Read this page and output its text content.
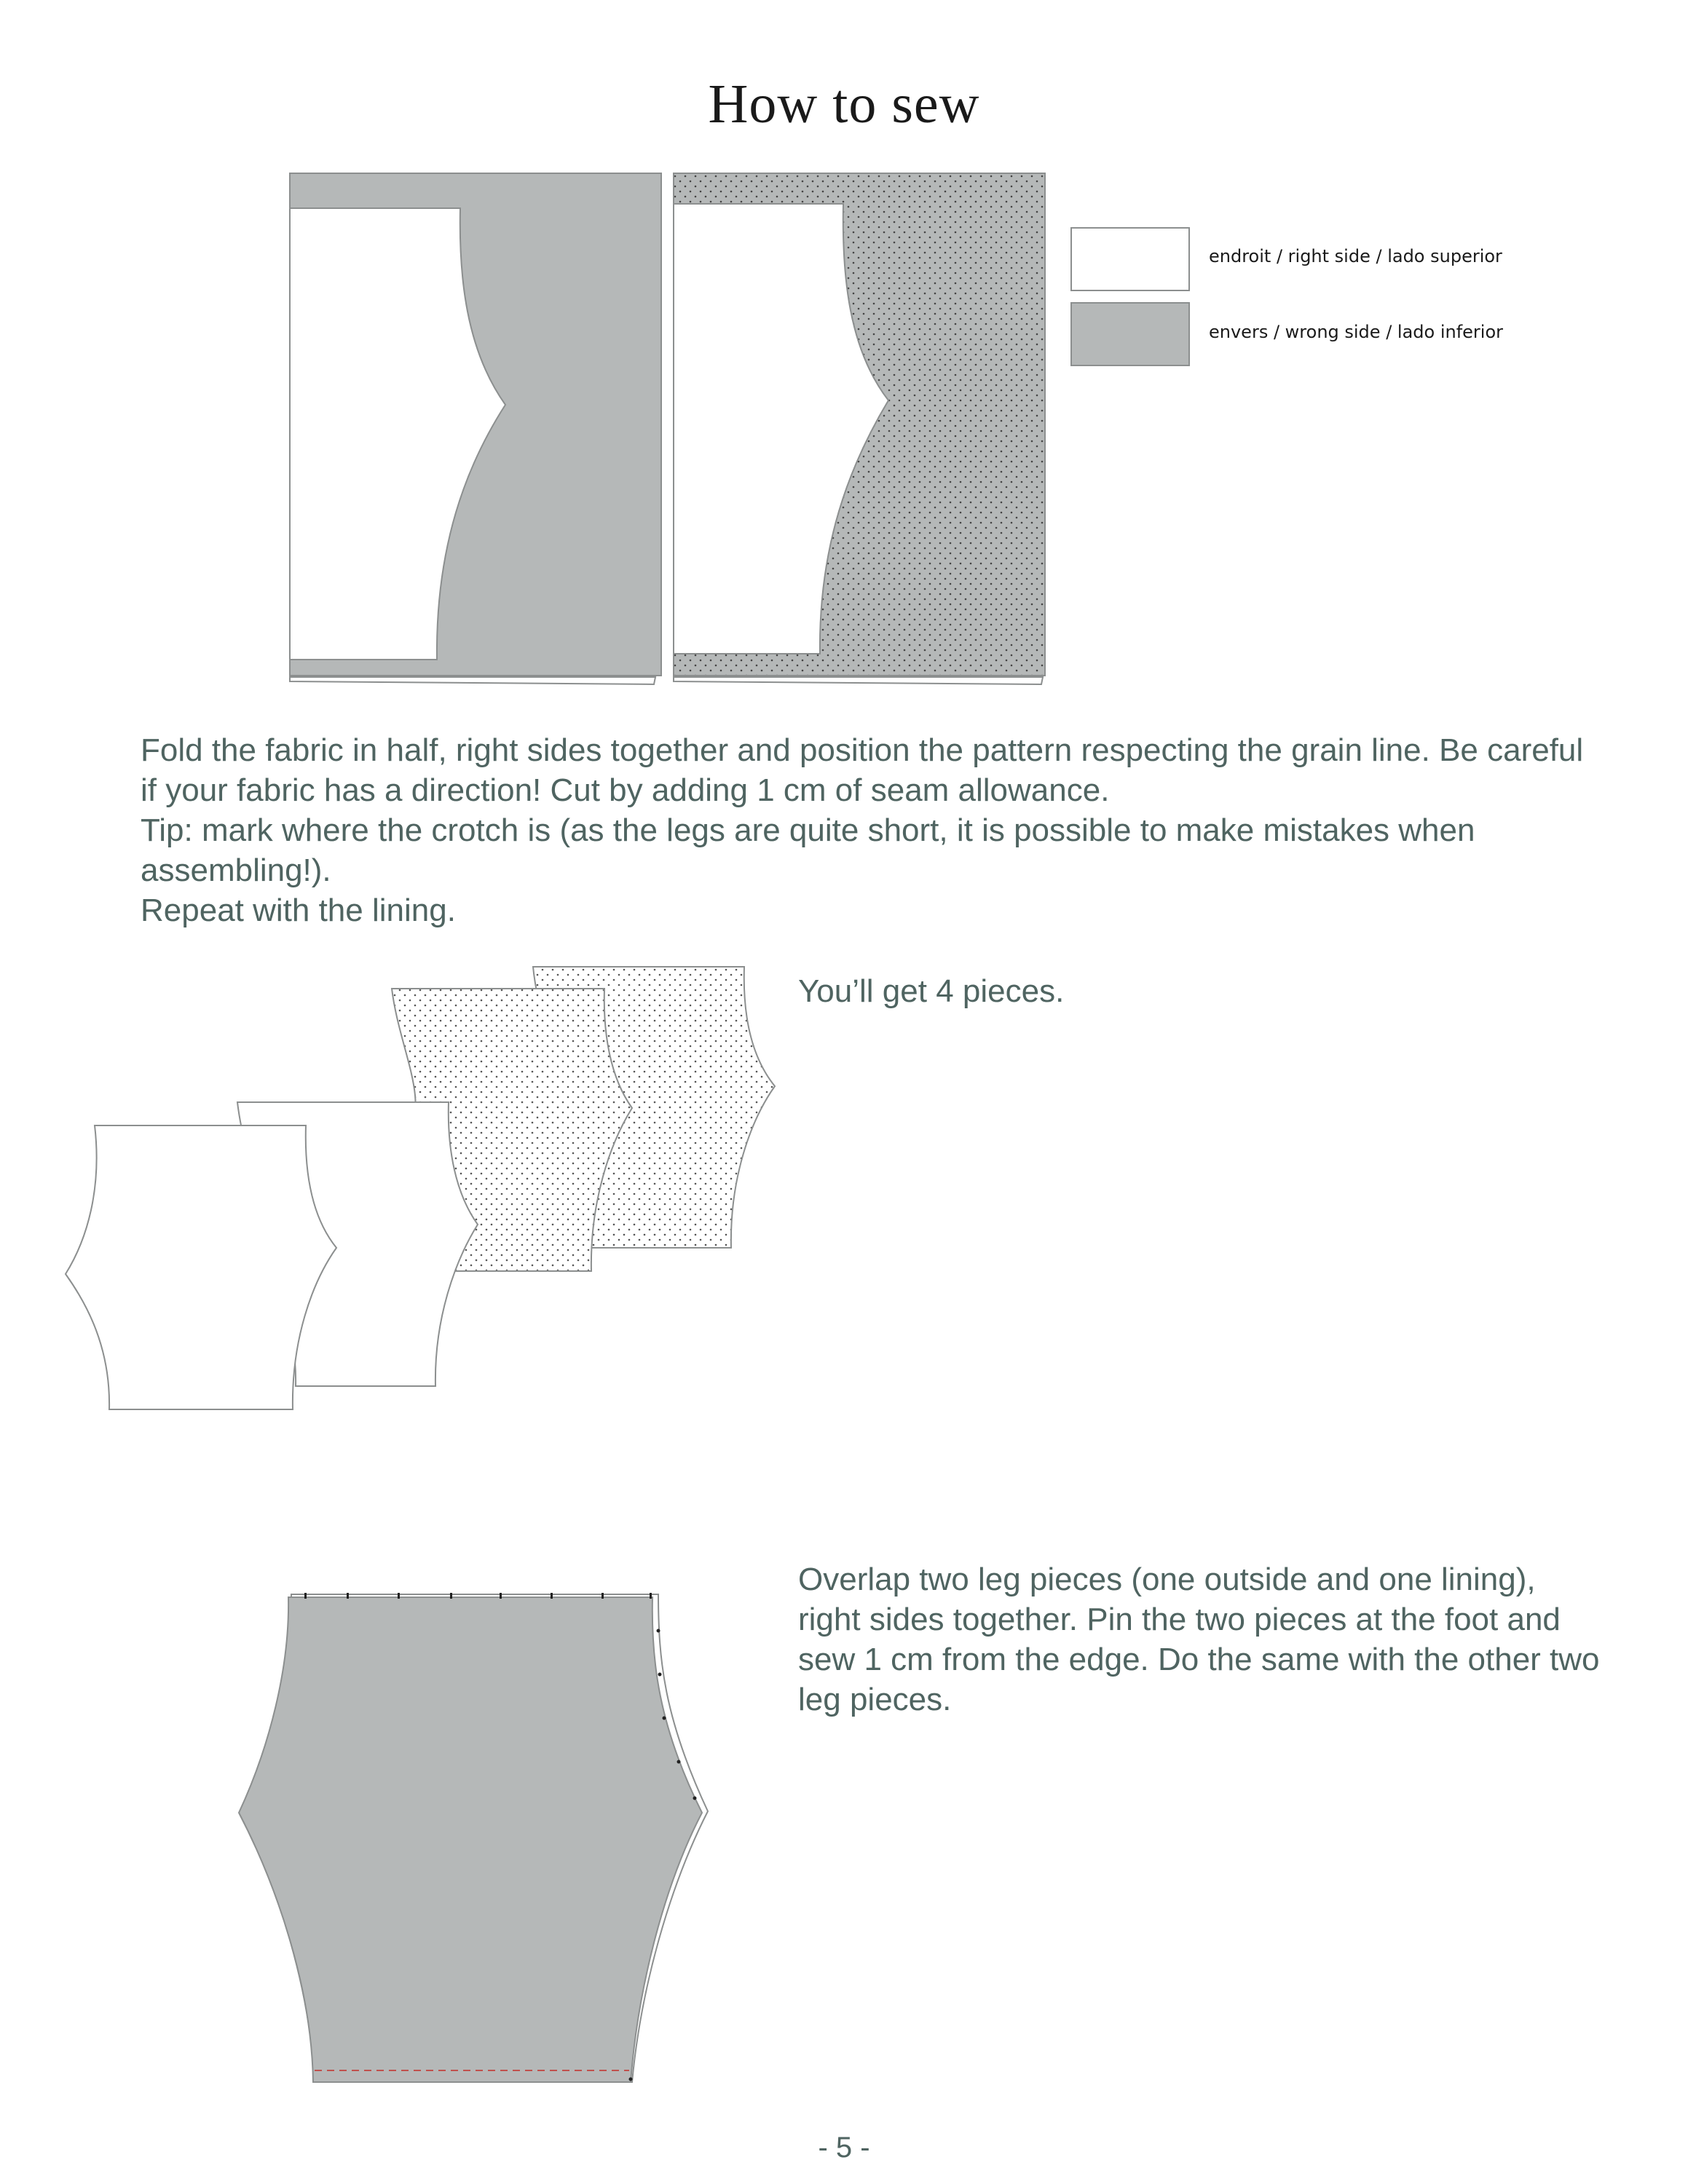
How to sew
endroit / right side / lado superior
envers / wrong side / lado inferior

Fold the fabric in half, right sides together and position the pattern respecting the grain line. Be careful if your fabric has a direction! Cut by adding 1 cm of seam allowance.

Tip: mark where the crotch is (as the legs are quite short, it is possible to make mistakes when assembling!).

Repeat with the lining.

You’ll get 4 pieces.
Overlap two leg pieces (one outside and one lining), right sides together. Pin the two pieces at the foot and sew 1 cm from the edge. Do the same with the other two leg pieces.
- 5 -
